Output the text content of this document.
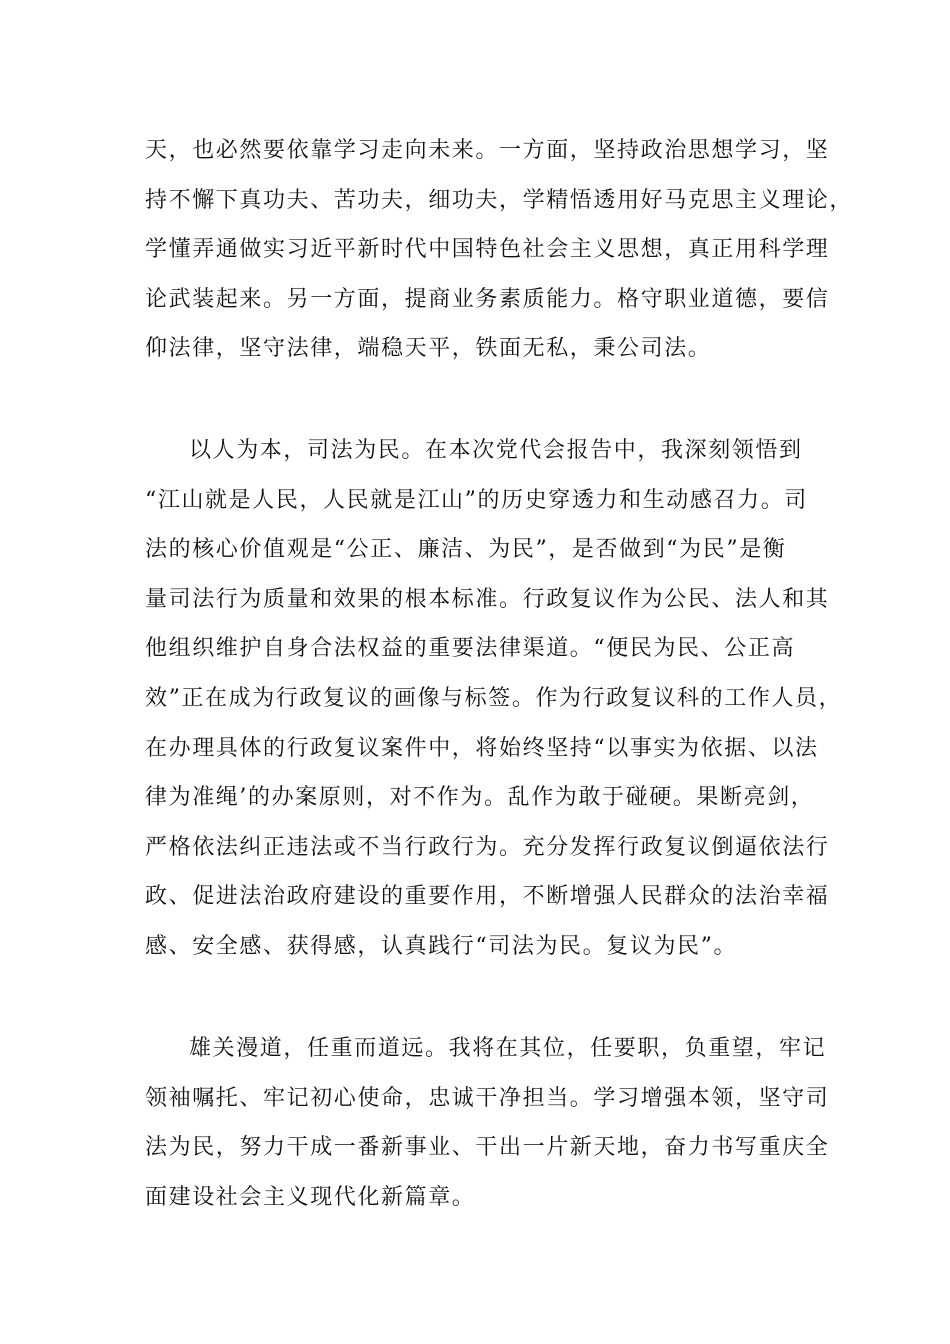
天，也必然要依靠学习走向未来。一方面，坚持政治思想学习，坚
持不懈下真功夫、苦功夫，细功夫，学精悟透用好马克思主义理论，
学懂弄通做实习近平新时代中国特色社会主义思想，真正用科学理
论武装起来。另一方面，提商业务素质能力。格守职业道德，要信
仰法律，坚守法律，端稳天平，铁面无私，秉公司法。
以人为本，司法为民。在本次党代会报告中，我深刻领悟到
“江山就是人民，人民就是江山”的历史穿透力和生动感召力。司
法的核心价值观是“公正、廉洁、为民”，是否做到“为民”是衡
量司法行为质量和效果的根本标准。行政复议作为公民、法人和其
他组织维护自身合法权益的重要法律渠道。“便民为民、公正高
效”正在成为行政复议的画像与标签。作为行政复议科的工作人员，
在办理具体的行政复议案件中，将始终坚持“以事实为依据、以法
律为准绳’的办案原则，对不作为。乱作为敢于碰硬。果断亮剑，
严格依法纠正违法或不当行政行为。充分发挥行政复议倒逼依法行
政、促进法治政府建设的重要作用，不断增强人民群众的法治幸福
感、安全感、获得感，认真践行“司法为民。复议为民”。
雄关漫道，任重而道远。我将在其位，任要职，负重望，牢记
领袖嘱托、牢记初心使命，忠诚干净担当。学习增强本领，坚守司
法为民，努力干成一番新事业、干出一片新天地，奋力书写重庆全
面建设社会主义现代化新篇章。
